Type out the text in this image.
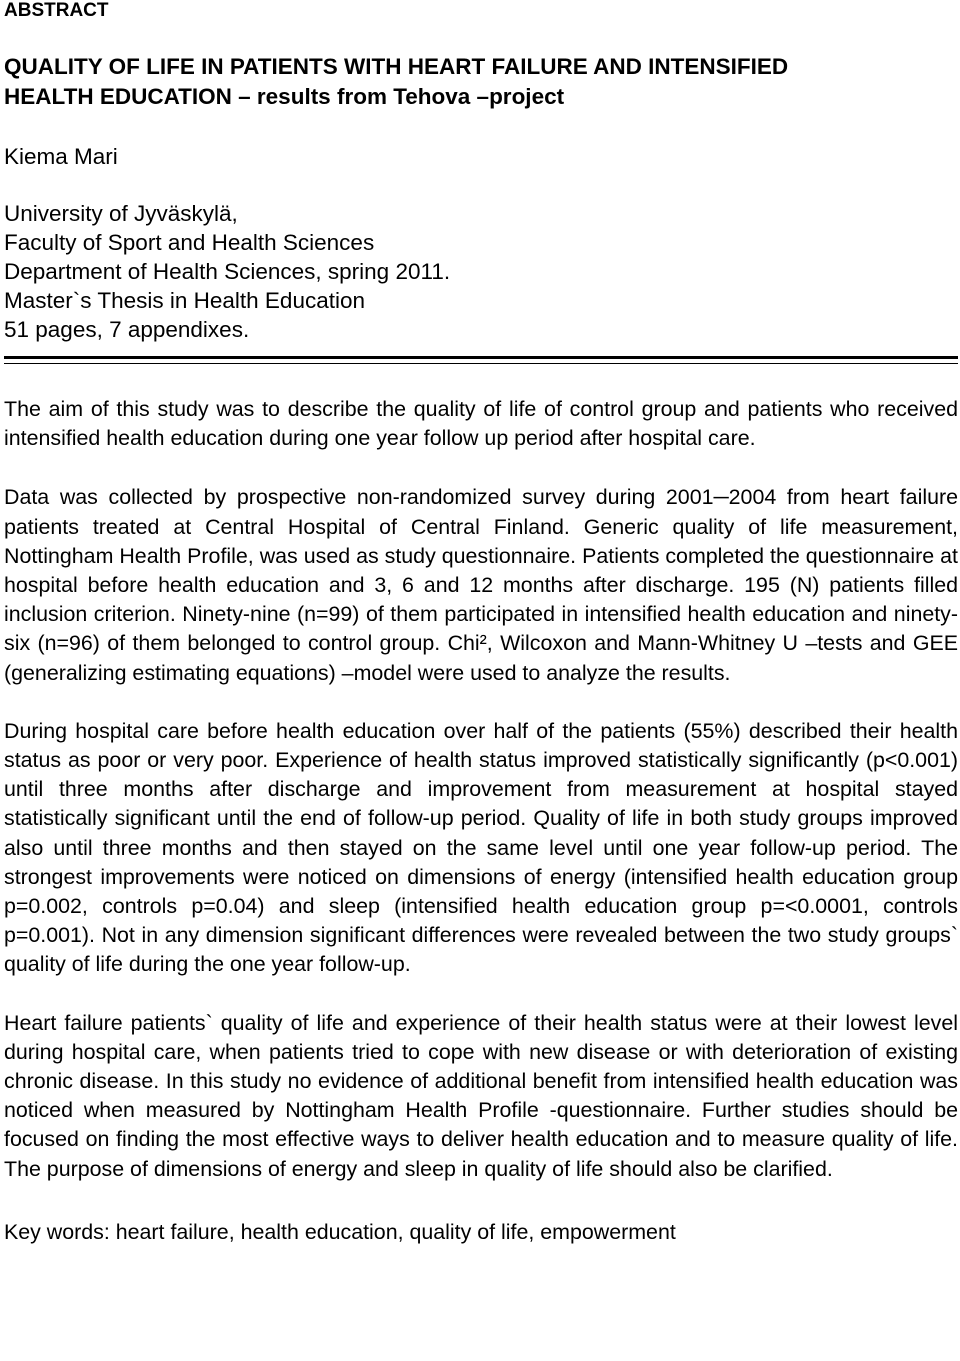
ABSTRACT
QUALITY OF LIFE IN PATIENTS WITH HEART FAILURE AND INTENSIFIED
HEALTH EDUCATION – results from Tehova –project
Kiema Mari
University of Jyväskylä,
Faculty of Sport and Health Sciences
Department of Health Sciences, spring 2011.
Master`s Thesis in Health Education
51 pages, 7 appendixes.

The aim of this study was to describe the quality of life of control group and patients who received intensified health education during one year follow up period after hospital care.

Data was collected by prospective non-randomized survey during 2001─2004 from heart failure patients treated at Central Hospital of Central Finland. Generic quality of life measurement, Nottingham Health Profile, was used as study questionnaire. Patients completed the questionnaire at hospital before health education and 3, 6 and 12 months after discharge. 195 (N) patients filled inclusion criterion. Ninety-nine (n=99) of them participated in intensified health education and ninety-six (n=96) of them belonged to control group. Chi², Wilcoxon and Mann-Whitney U –tests and GEE (generalizing estimating equations) –model were used to analyze the results.

During hospital care before health education over half of the patients (55%) described their health status as poor or very poor. Experience of health status improved statistically significantly (p<0.001) until three months after discharge and improvement from measurement at hospital stayed statistically significant until the end of follow-up period. Quality of life in both study groups improved also until three months and then stayed on the same level until one year follow-up period. The strongest improvements were noticed on dimensions of energy (intensified health education group p=0.002, controls p=0.04) and sleep (intensified health education group p=<0.0001, controls p=0.001). Not in any dimension significant differences were revealed between the two study groups` quality of life during the one year follow-up.

Heart failure patients` quality of life and experience of their health status were at their lowest level during hospital care, when patients tried to cope with new disease or with deterioration of existing chronic disease. In this study no evidence of additional benefit from intensified health education was noticed when measured by Nottingham Health Profile -questionnaire. Further studies should be focused on finding the most effective ways to deliver health education and to measure quality of life. The purpose of dimensions of energy and sleep in quality of life should also be clarified.

Key words: heart failure, health education, quality of life, empowerment
